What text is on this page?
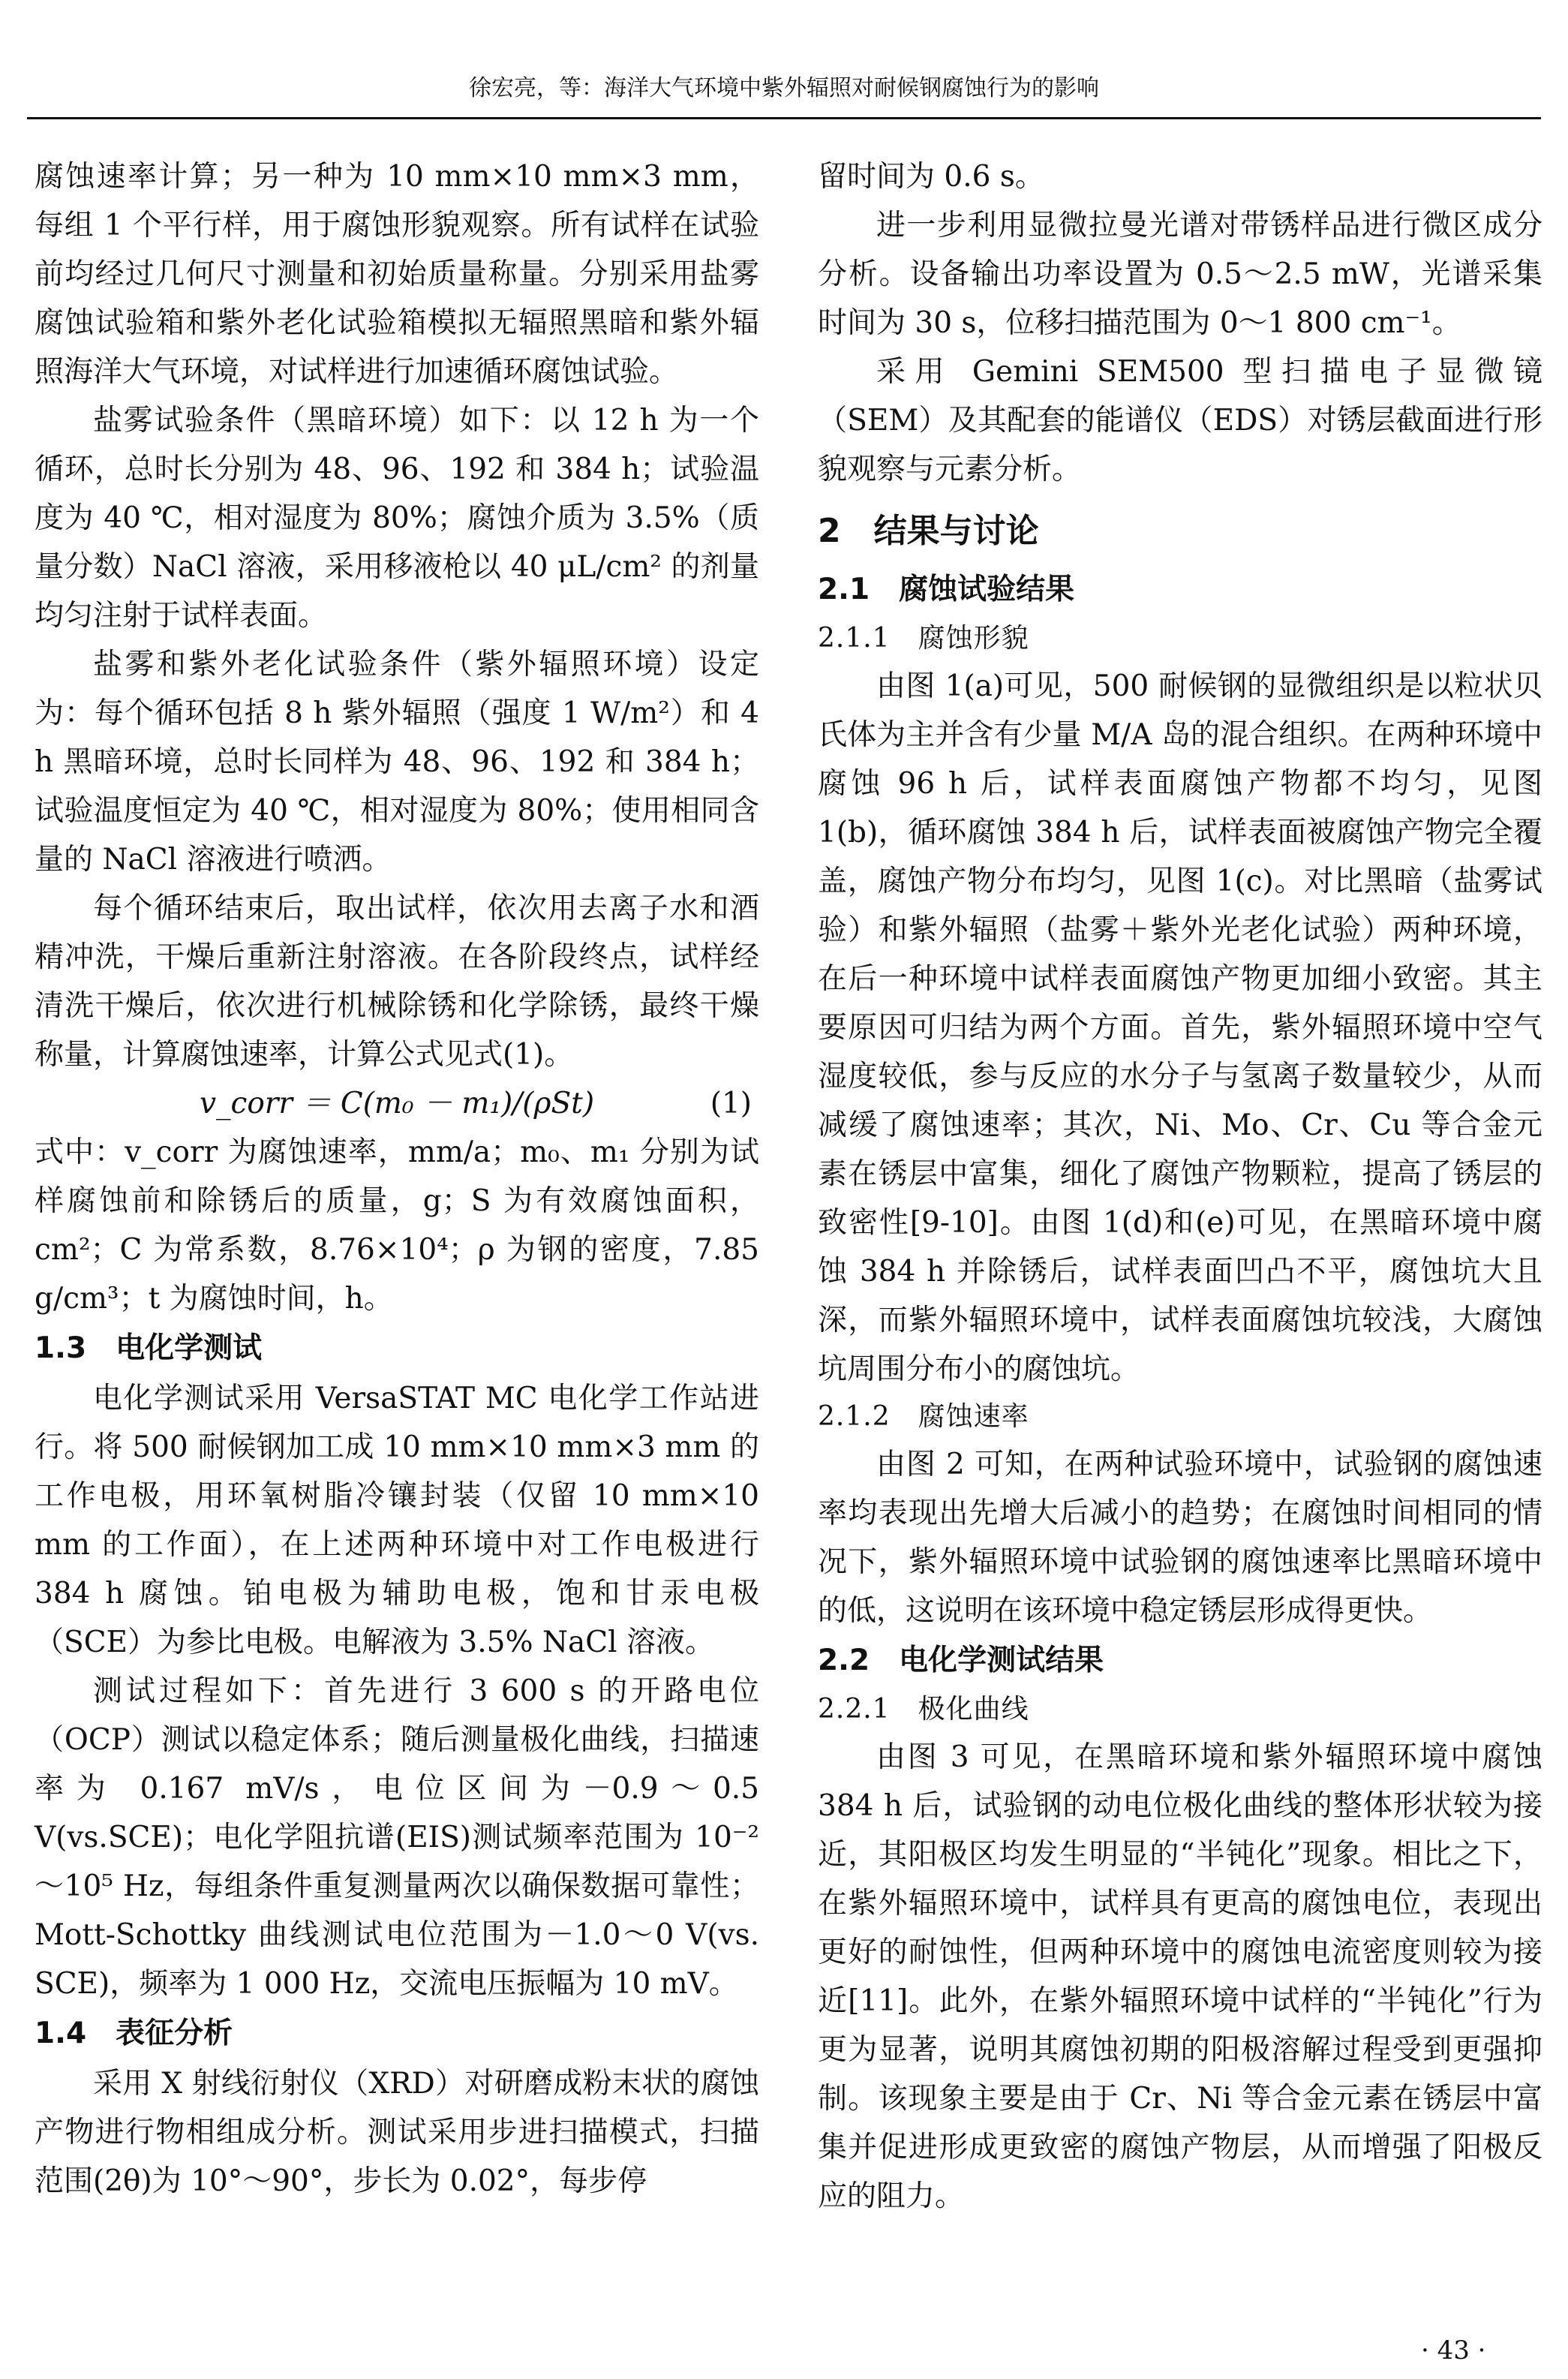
徐宏亮，等：海洋大气环境中紫外辐照对耐候钢腐蚀行为的影响

腐蚀速率计算；另一种为 10 mm×10 mm×3 mm，每组 1 个平行样，用于腐蚀形貌观察。所有试样在试验前均经过几何尺寸测量和初始质量称量。分别采用盐雾腐蚀试验箱和紫外老化试验箱模拟无辐照黑暗和紫外辐照海洋大气环境，对试样进行加速循环腐蚀试验。

盐雾试验条件（黑暗环境）如下：以 12 h 为一个循环，总时长分别为 48、96、192 和 384 h；试验温度为 40 ℃，相对湿度为 80%；腐蚀介质为 3.5%（质量分数）NaCl 溶液，采用移液枪以 40 μL/cm² 的剂量均匀注射于试样表面。

盐雾和紫外老化试验条件（紫外辐照环境）设定为：每个循环包括 8 h 紫外辐照（强度 1 W/m²）和 4 h 黑暗环境，总时长同样为 48、96、192 和 384 h；试验温度恒定为 40 ℃，相对湿度为 80%；使用相同含量的 NaCl 溶液进行喷洒。

每个循环结束后，取出试样，依次用去离子水和酒精冲洗，干燥后重新注射溶液。在各阶段终点，试样经清洗干燥后，依次进行机械除锈和化学除锈，最终干燥称量，计算腐蚀速率，计算公式见式(1)。

v_corr ＝ C(m₀ － m₁)/(ρSt)	(1)

式中：v_corr 为腐蚀速率，mm/a；m₀、m₁ 分别为试样腐蚀前和除锈后的质量，g；S 为有效腐蚀面积，cm²；C 为常系数，8.76×10⁴；ρ 为钢的密度，7.85 g/cm³；t 为腐蚀时间，h。

1.3　电化学测试

电化学测试采用 VersaSTAT MC 电化学工作站进行。将 500 耐候钢加工成 10 mm×10 mm×3 mm 的工作电极，用环氧树脂冷镶封装（仅留 10 mm×10 mm 的工作面），在上述两种环境中对工作电极进行 384 h 腐蚀。铂电极为辅助电极，饱和甘汞电极（SCE）为参比电极。电解液为 3.5% NaCl 溶液。

测试过程如下：首先进行 3 600 s 的开路电位（OCP）测试以稳定体系；随后测量极化曲线，扫描速率为 0.167 mV/s，电位区间为－0.9～0.5 V(vs.SCE)；电化学阻抗谱(EIS)测试频率范围为 10⁻²～10⁵ Hz，每组条件重复测量两次以确保数据可靠性；Mott-Schottky 曲线测试电位范围为－1.0～0 V(vs. SCE)，频率为 1 000 Hz，交流电压振幅为 10 mV。

1.4　表征分析

采用 X 射线衍射仪（XRD）对研磨成粉末状的腐蚀产物进行物相组成分析。测试采用步进扫描模式，扫描范围(2θ)为 10°～90°，步长为 0.02°，每步停

留时间为 0.6 s。

进一步利用显微拉曼光谱对带锈样品进行微区成分分析。设备输出功率设置为 0.5～2.5 mW，光谱采集时间为 30 s，位移扫描范围为 0～1 800 cm⁻¹。

采用 Gemini SEM500 型扫描电子显微镜（SEM）及其配套的能谱仪（EDS）对锈层截面进行形貌观察与元素分析。

2　结果与讨论

2.1　腐蚀试验结果

2.1.1　腐蚀形貌

由图 1(a)可见，500 耐候钢的显微组织是以粒状贝氏体为主并含有少量 M/A 岛的混合组织。在两种环境中腐蚀 96 h 后，试样表面腐蚀产物都不均匀，见图 1(b)，循环腐蚀 384 h 后，试样表面被腐蚀产物完全覆盖，腐蚀产物分布均匀，见图 1(c)。对比黑暗（盐雾试验）和紫外辐照（盐雾＋紫外光老化试验）两种环境，在后一种环境中试样表面腐蚀产物更加细小致密。其主要原因可归结为两个方面。首先，紫外辐照环境中空气湿度较低，参与反应的水分子与氢离子数量较少，从而减缓了腐蚀速率；其次，Ni、Mo、Cr、Cu 等合金元素在锈层中富集，细化了腐蚀产物颗粒，提高了锈层的致密性[9-10]。由图 1(d)和(e)可见，在黑暗环境中腐蚀 384 h 并除锈后，试样表面凹凸不平，腐蚀坑大且深，而紫外辐照环境中，试样表面腐蚀坑较浅，大腐蚀坑周围分布小的腐蚀坑。

2.1.2　腐蚀速率

由图 2 可知，在两种试验环境中，试验钢的腐蚀速率均表现出先增大后减小的趋势；在腐蚀时间相同的情况下，紫外辐照环境中试验钢的腐蚀速率比黑暗环境中的低，这说明在该环境中稳定锈层形成得更快。

2.2　电化学测试结果

2.2.1　极化曲线

由图 3 可见，在黑暗环境和紫外辐照环境中腐蚀 384 h 后，试验钢的动电位极化曲线的整体形状较为接近，其阳极区均发生明显的“半钝化”现象。相比之下，在紫外辐照环境中，试样具有更高的腐蚀电位，表现出更好的耐蚀性，但两种环境中的腐蚀电流密度则较为接近[11]。此外，在紫外辐照环境中试样的“半钝化”行为更为显著，说明其腐蚀初期的阳极溶解过程受到更强抑制。该现象主要是由于 Cr、Ni 等合金元素在锈层中富集并促进形成更致密的腐蚀产物层，从而增强了阳极反应的阻力。

· 43 ·
